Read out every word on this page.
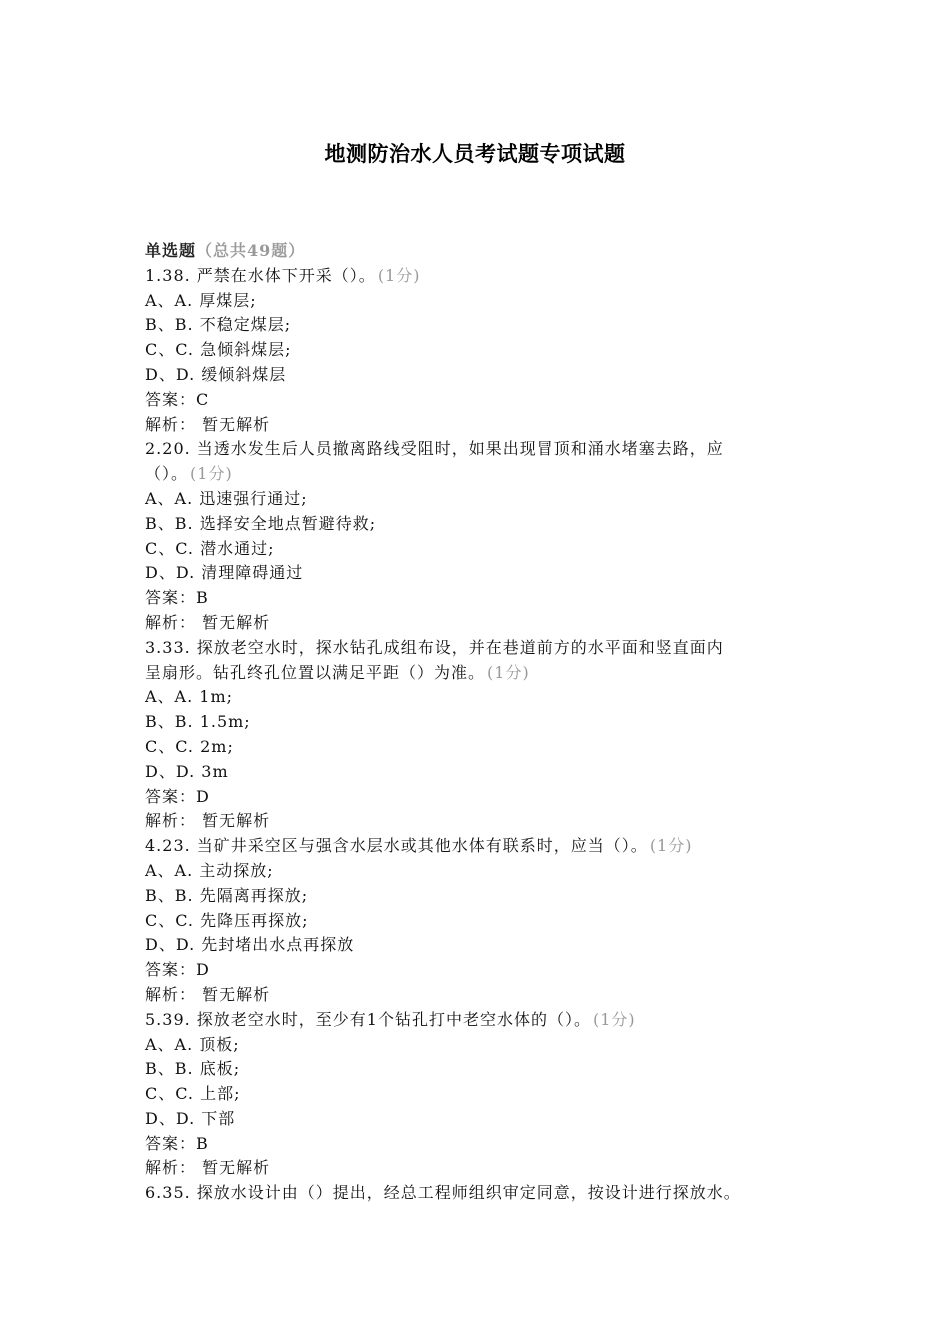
地测防治水人员考试题专项试题
单选题（总共49题）
1.38. 严禁在水体下开采（）。 (1分)
A、A. 厚煤层;
B、B. 不稳定煤层;
C、C. 急倾斜煤层;
D、D. 缓倾斜煤层
答案：C
解析： 暂无解析
2.20. 当透水发生后人员撤离路线受阻时，如果出现冒顶和涌水堵塞去路，应
（）。 (1分)
A、A. 迅速强行通过;
B、B. 选择安全地点暂避待救;
C、C. 潜水通过;
D、D. 清理障碍通过
答案：B
解析： 暂无解析
3.33. 探放老空水时，探水钻孔成组布设，并在巷道前方的水平面和竖直面内
呈扇形。钻孔终孔位置以满足平距（）为准。 (1分)
A、A. 1m;
B、B. 1.5m;
C、C. 2m;
D、D. 3m
答案：D
解析： 暂无解析
4.23. 当矿井采空区与强含水层水或其他水体有联系时，应当（）。 (1分)
A、A. 主动探放;
B、B. 先隔离再探放;
C、C. 先降压再探放;
D、D. 先封堵出水点再探放
答案：D
解析： 暂无解析
5.39. 探放老空水时，至少有1个钻孔打中老空水体的（）。 (1分)
A、A. 顶板;
B、B. 底板;
C、C. 上部;
D、D. 下部
答案：B
解析： 暂无解析
6.35. 探放水设计由（）提出，经总工程师组织审定同意，按设计进行探放水。
